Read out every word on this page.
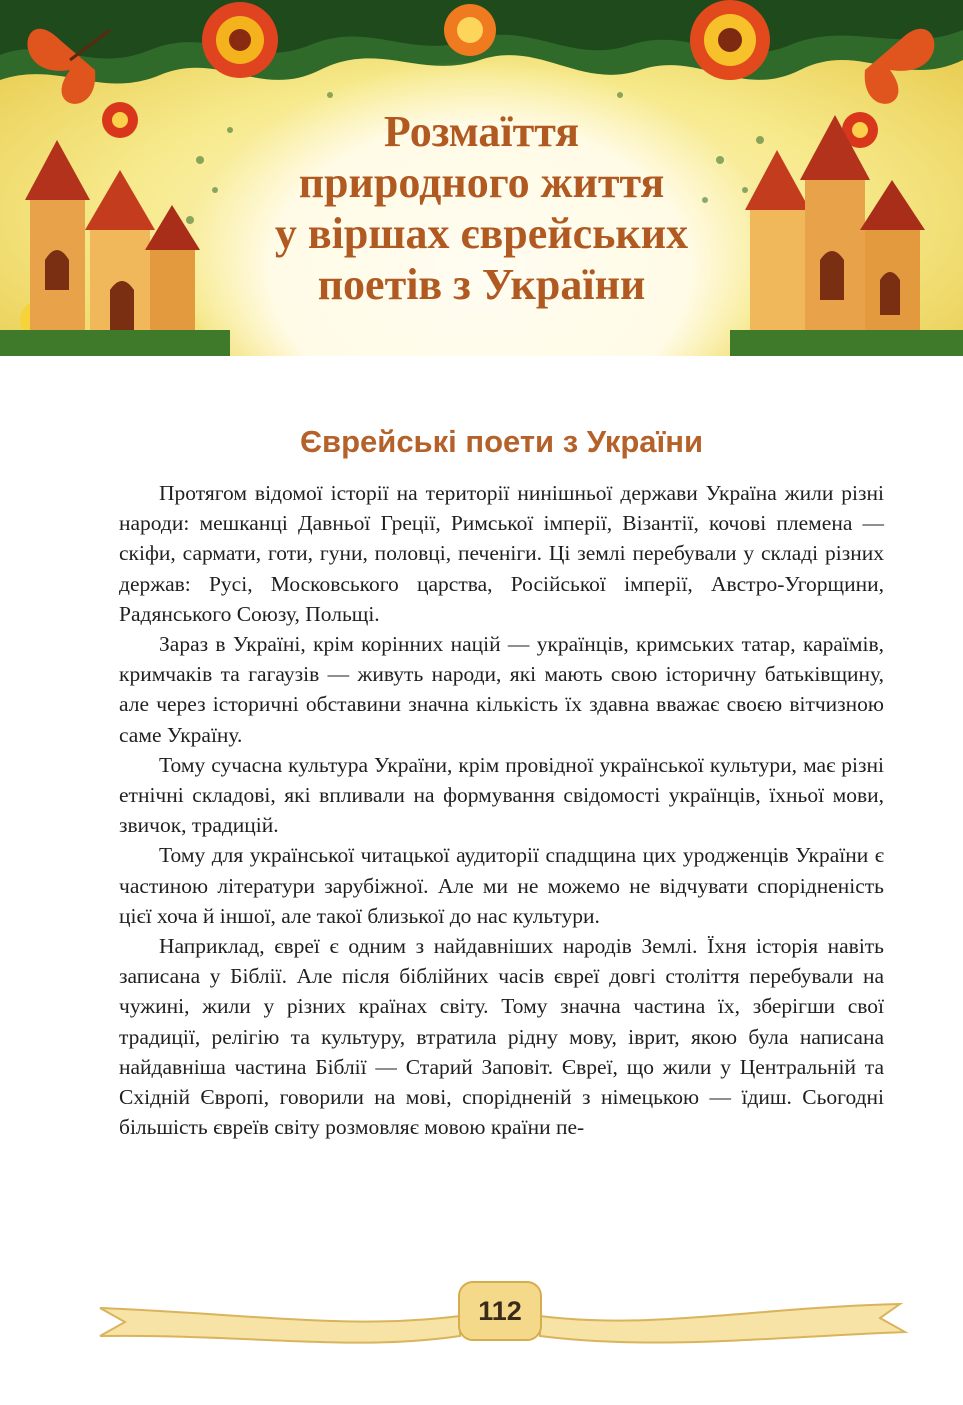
Розмаїття
природного життя
у віршах єврейських
поетів з України
Єврейські поети з України

Протягом відомої історії на території нинішньої держави Україна жили різні народи: мешканці Давньої Греції, Римської імперії, Візантії, кочові племена — скіфи, сармати, готи, гуни, половці, печеніги. Ці землі перебували у складі різних держав: Русі, Московського царства, Російської імперії, Австро-Угорщини, Радянського Союзу, Польщі.

Зараз в Україні, крім корінних націй — українців, кримських татар, караїмів, кримчаків та гагаузів — живуть народи, які мають свою історичну батьківщину, але через історичні обставини значна кількість їх здавна вважає своєю вітчизною саме Україну.

Тому сучасна культура України, крім провідної української культури, має різні етнічні складові, які впливали на формування свідомості українців, їхньої мови, звичок, традицій.

Тому для української читацької аудиторії спадщина цих уродженців України є частиною літератури зарубіжної. Але ми не можемо не відчувати спорідненість цієї хоча й іншої, але такої близької до нас культури.

Наприклад, євреї є одним з найдавніших народів Землі. Їхня історія навіть записана у Біблії. Але після біблійних часів євреї довгі століття перебували на чужині, жили у різних країнах світу. Тому значна частина їх, зберігши свої традиції, релігію та культуру, втратила рідну мову, іврит, якою була написана найдавніша частина Біблії — Старий Заповіт. Євреї, що жили у Центральній та Східній Європі, говорили на мові, спорідненій з німецькою — їдиш. Сьогодні більшість євреїв світу розмовляє мовою країни пе-

112
